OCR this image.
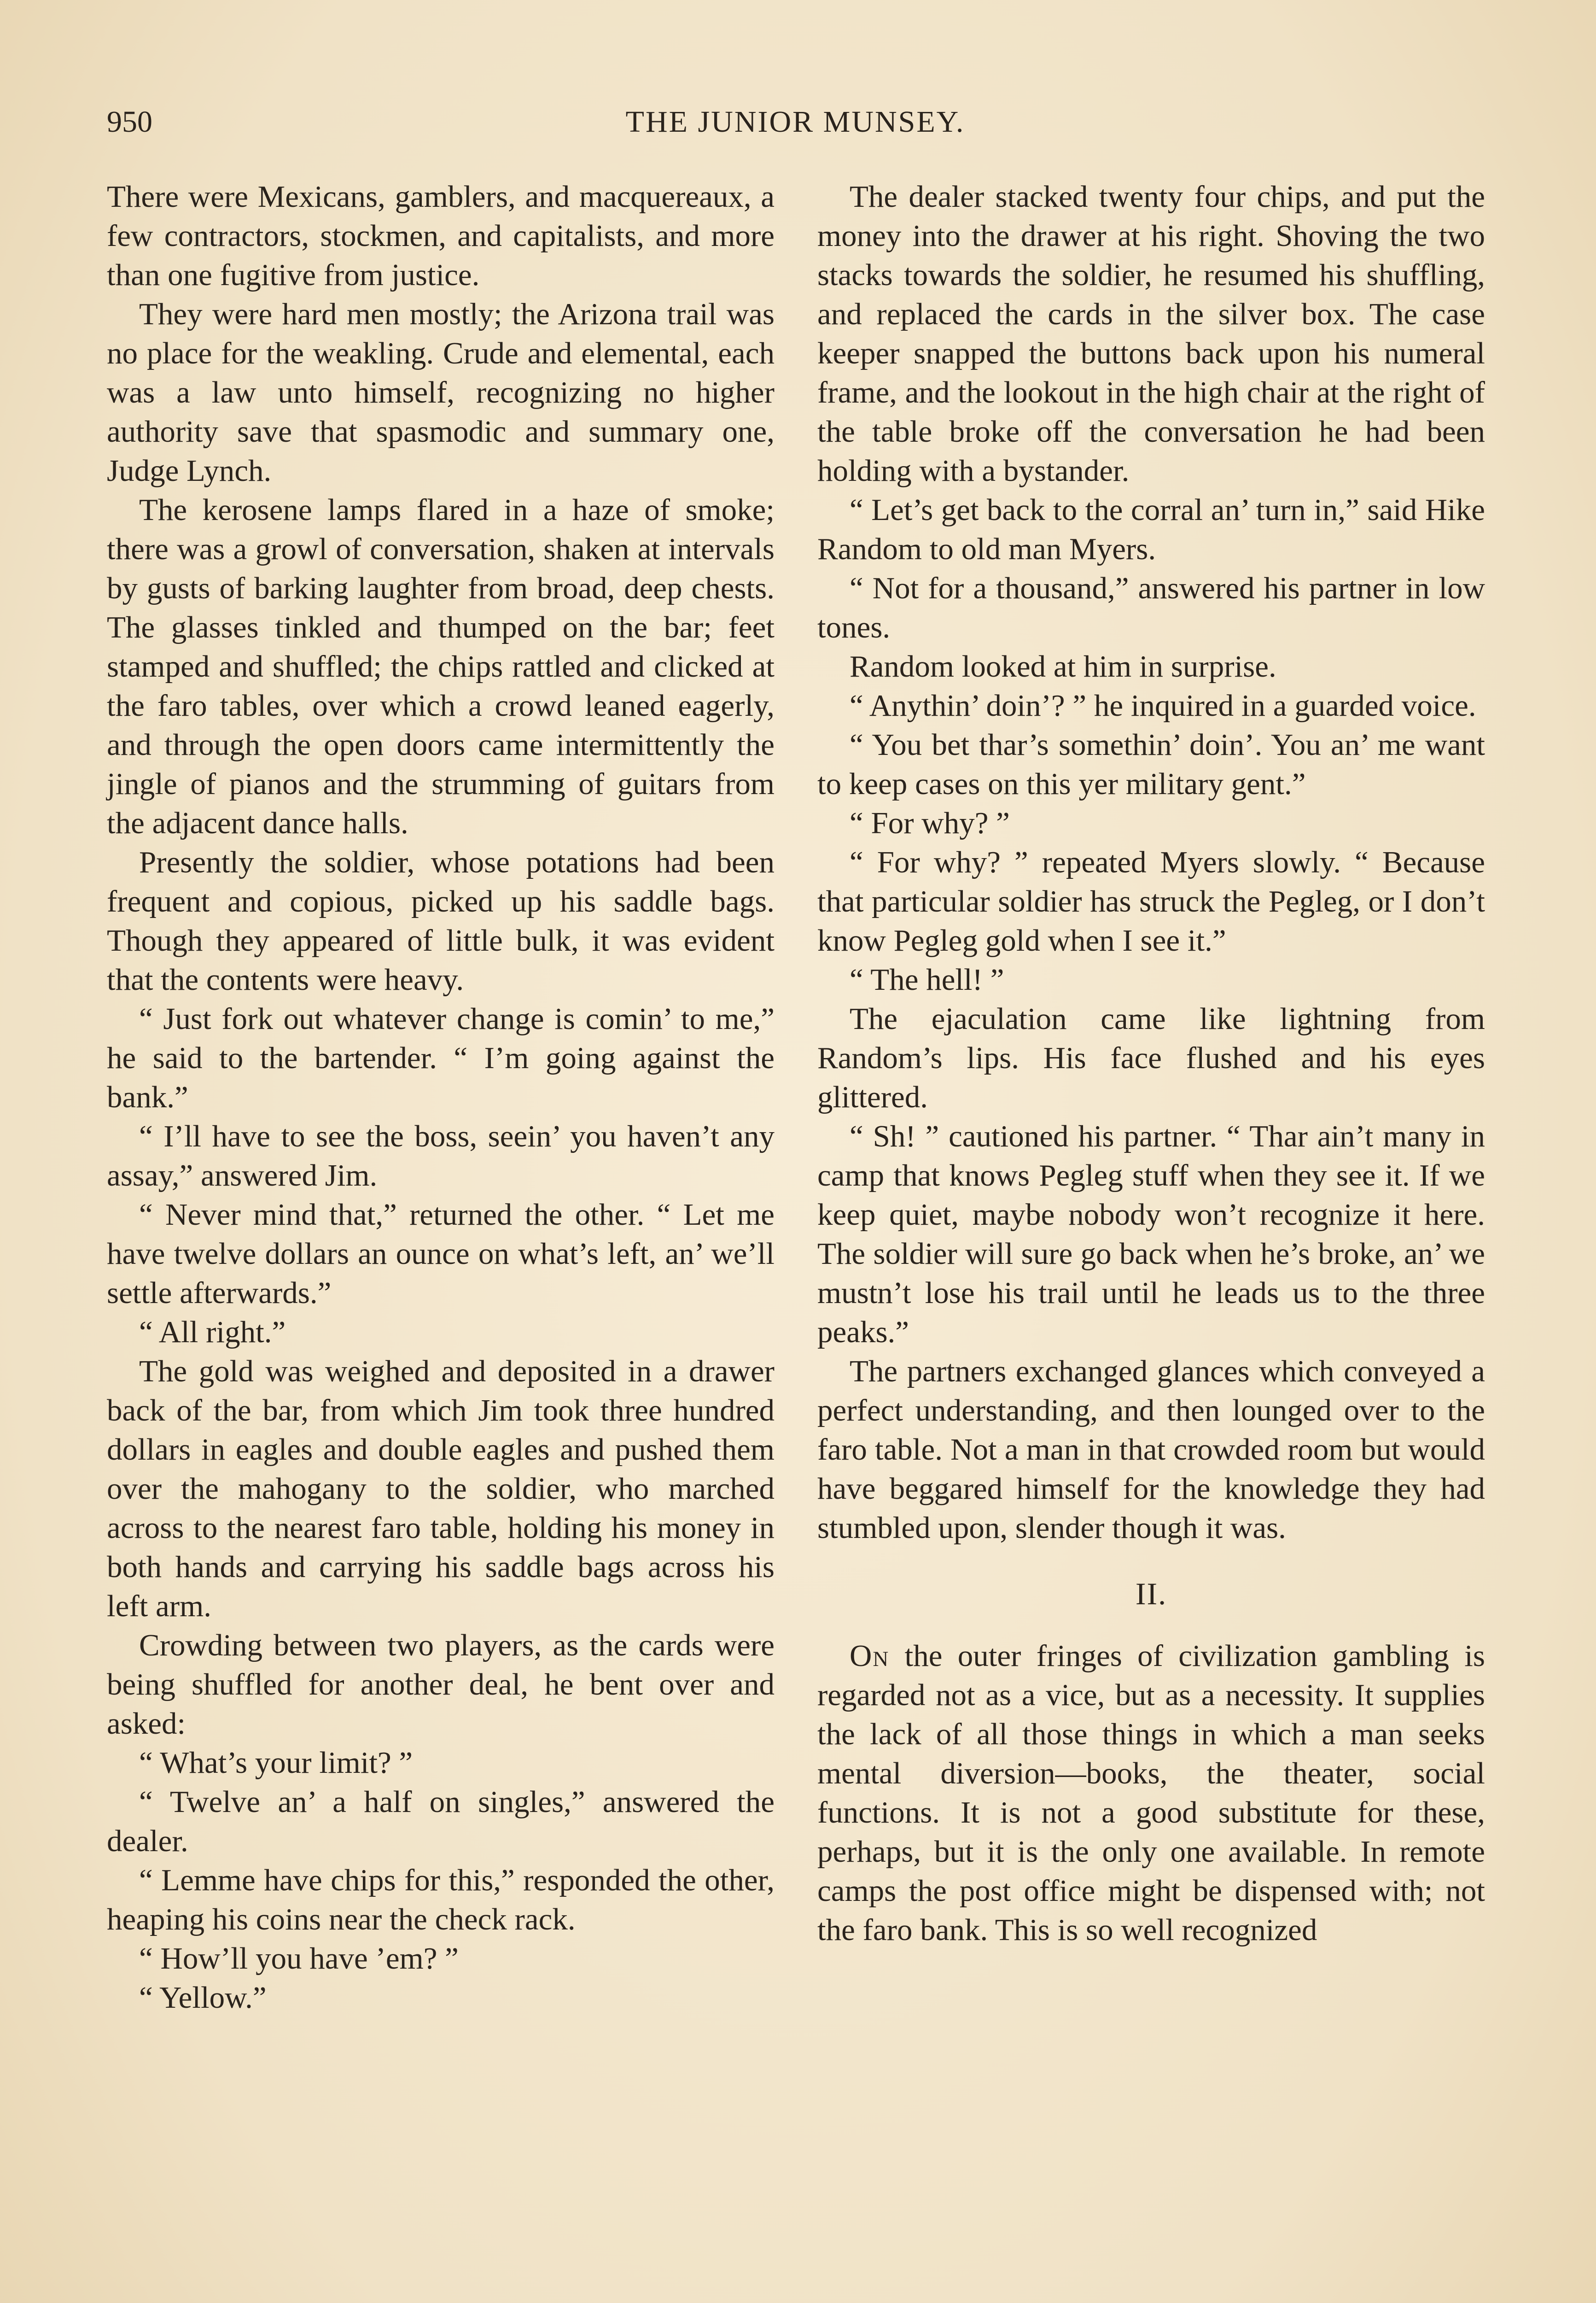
950	THE JUNIOR MUNSEY.

There were Mexicans, gamblers, and macquereaux, a few contractors, stockmen, and capitalists, and more than one fugitive from justice.

They were hard men mostly; the Arizona trail was no place for the weakling. Crude and elemental, each was a law unto himself, recognizing no higher authority save that spasmodic and summary one, Judge Lynch.

The kerosene lamps flared in a haze of smoke; there was a growl of conversation, shaken at intervals by gusts of barking laughter from broad, deep chests. The glasses tinkled and thumped on the bar; feet stamped and shuffled; the chips rattled and clicked at the faro tables, over which a crowd leaned eagerly, and through the open doors came intermittently the jingle of pianos and the strumming of guitars from the adjacent dance halls.

Presently the soldier, whose potations had been frequent and copious, picked up his saddle bags. Though they appeared of little bulk, it was evident that the contents were heavy.

“ Just fork out whatever change is comin’ to me,” he said to the bartender. “ I’m going against the bank.”

“ I’ll have to see the boss, seein’ you haven’t any assay,” answered Jim.

“ Never mind that,” returned the other. “ Let me have twelve dollars an ounce on what’s left, an’ we’ll settle afterwards.”

“ All right.”

The gold was weighed and deposited in a drawer back of the bar, from which Jim took three hundred dollars in eagles and double eagles and pushed them over the mahogany to the soldier, who marched across to the nearest faro table, holding his money in both hands and carrying his saddle bags across his left arm.

Crowding between two players, as the cards were being shuffled for another deal, he bent over and asked:

“ What’s your limit? ”

“ Twelve an’ a half on singles,” answered the dealer.

“ Lemme have chips for this,” responded the other, heaping his coins near the check rack.

“ How’ll you have ’em? ”

“ Yellow.”

The dealer stacked twenty four chips, and put the money into the drawer at his right. Shoving the two stacks towards the soldier, he resumed his shuffling, and replaced the cards in the silver box. The case keeper snapped the buttons back upon his numeral frame, and the lookout in the high chair at the right of the table broke off the conversation he had been holding with a bystander.

“ Let’s get back to the corral an’ turn in,” said Hike Random to old man Myers.

“ Not for a thousand,” answered his partner in low tones.

Random looked at him in surprise.

“ Anythin’ doin’? ” he inquired in a guarded voice.

“ You bet thar’s somethin’ doin’. You an’ me want to keep cases on this yer military gent.”

“ For why? ”

“ For why? ” repeated Myers slowly. “ Because that particular soldier has struck the Pegleg, or I don’t know Pegleg gold when I see it.”

“ The hell! ”

The ejaculation came like lightning from Random’s lips. His face flushed and his eyes glittered.

“ Sh! ” cautioned his partner. “ Thar ain’t many in camp that knows Pegleg stuff when they see it. If we keep quiet, maybe nobody won’t recognize it here. The soldier will sure go back when he’s broke, an’ we mustn’t lose his trail until he leads us to the three peaks.”

The partners exchanged glances which conveyed a perfect understanding, and then lounged over to the faro table. Not a man in that crowded room but would have beggared himself for the knowledge they had stumbled upon, slender though it was.

II.

On the outer fringes of civilization gambling is regarded not as a vice, but as a necessity. It supplies the lack of all those things in which a man seeks mental diversion—books, the theater, social functions. It is not a good substitute for these, perhaps, but it is the only one available. In remote camps the post office might be dispensed with; not the faro bank. This is so well recognized
